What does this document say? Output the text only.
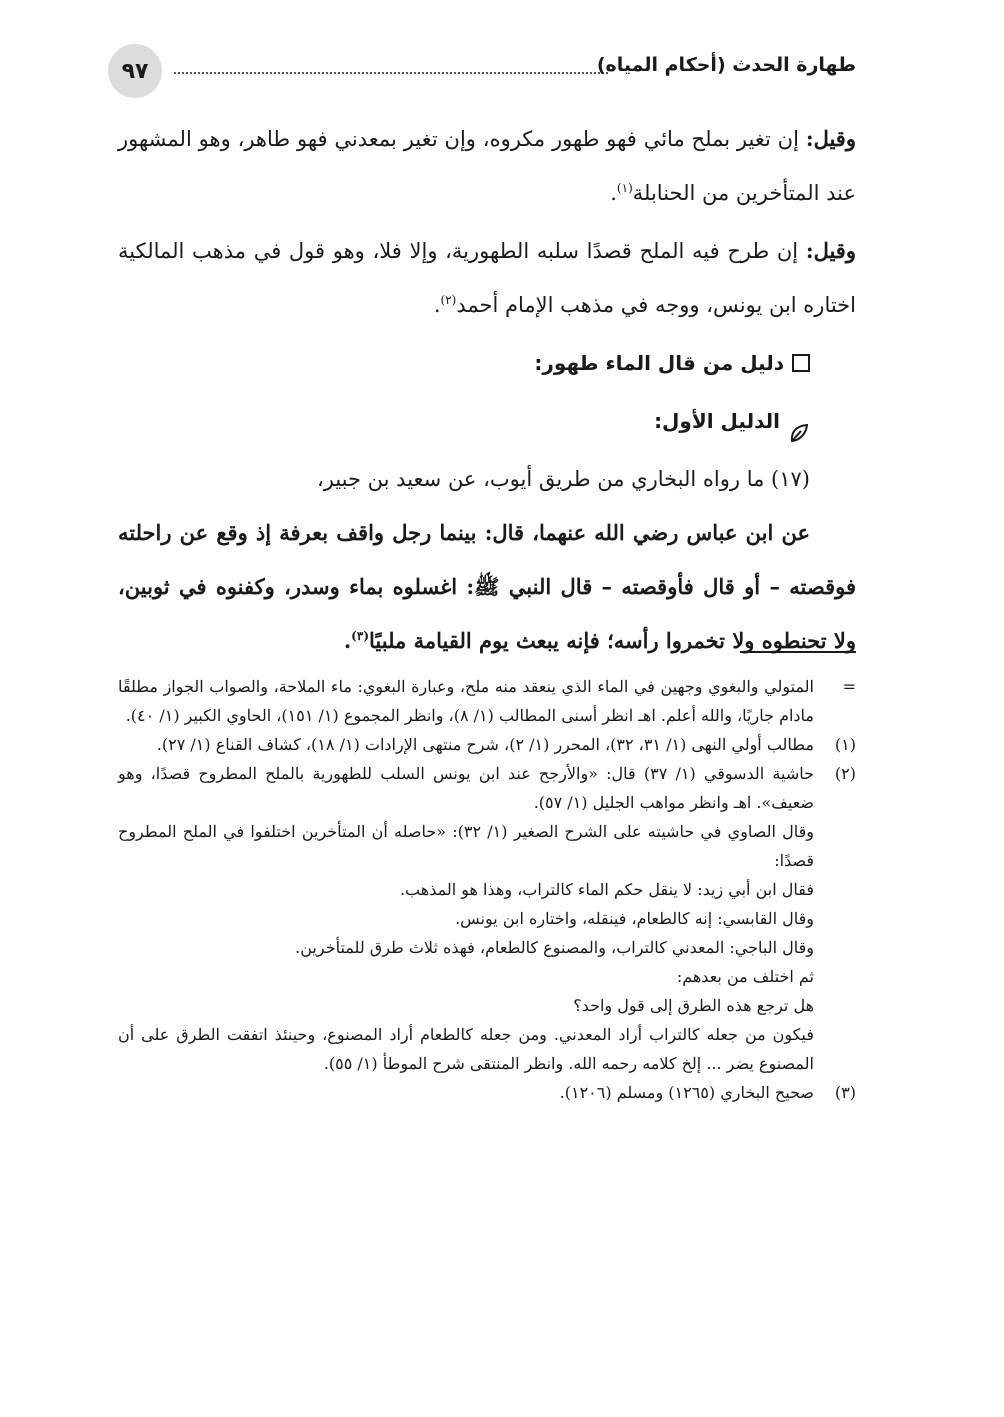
٩٧	طهارة الحدث (أحكام المياه)

وقيل: إن تغير بملح مائي فهو طهور مكروه، وإن تغير بمعدني فهو طاهر، وهو المشهور عند المتأخرين من الحنابلة$^{(١)}$.

وقيل: إن طرح فيه الملح قصدًا سلبه الطهورية، وإلا فلا، وهو قول في مذهب المالكية اختاره ابن يونس، ووجه في مذهب الإمام أحمد$^{(٢)}$.

دليل من قال الماء طهور:

الدليل الأول:

(١٧) ما رواه البخاري من طريق أيوب، عن سعيد بن جبير،

عن ابن عباس رضي الله عنهما، قال: بينما رجل واقف بعرفة إذ وقع عن راحلته فوقصته – أو قال فأوقصته – قال النبي ﷺ: اغسلوه بماء وسدر، وكفنوه في ثوبين، ولا تحنطوه ولا تخمروا رأسه؛ فإنه يبعث يوم القيامة ملبيًا$^{(٣)}$.

=
المتولي والبغوي وجهين في الماء الذي ينعقد منه ملح، وعبارة البغوي: ماء الملاحة، والصواب الجواز مطلقًا مادام جاريًا، والله أعلم. اهـ انظر أسنى المطالب (١/ ٨)، وانظر المجموع (١/ ١٥١)، الحاوي الكبير (١/ ٤٠).

(١)
مطالب أولي النهى (١/ ٣١، ٣٢)، المحرر (١/ ٢)، شرح منتهى الإرادات (١/ ١٨)، كشاف القناع (١/ ٢٧).

(٢)
حاشية الدسوقي (١/ ٣٧) قال: «والأرجح عند ابن يونس السلب للطهورية بالملح المطروح قصدًا، وهو ضعيف». اهـ وانظر مواهب الجليل (١/ ٥٧).

وقال الصاوي في حاشيته على الشرح الصغير (١/ ٣٢): «حاصله أن المتأخرين اختلفوا في الملح المطروح قصدًا:

فقال ابن أبي زيد: لا ينقل حكم الماء كالتراب، وهذا هو المذهب.

وقال القابسي: إنه كالطعام، فينقله، واختاره ابن يونس.

وقال الباجي: المعدني كالتراب، والمصنوع كالطعام، فهذه ثلاث طرق للمتأخرين.

ثم اختلف من بعدهم:

هل ترجع هذه الطرق إلى قول واحد؟

فيكون من جعله كالتراب أراد المعدني. ومن جعله كالطعام أراد المصنوع، وحينئذ اتفقت الطرق على أن المصنوع يضر ... إلخ كلامه رحمه الله. وانظر المنتقى شرح الموطأ (١/ ٥٥).

(٣)
صحيح البخاري (١٢٦٥) ومسلم (١٢٠٦).
